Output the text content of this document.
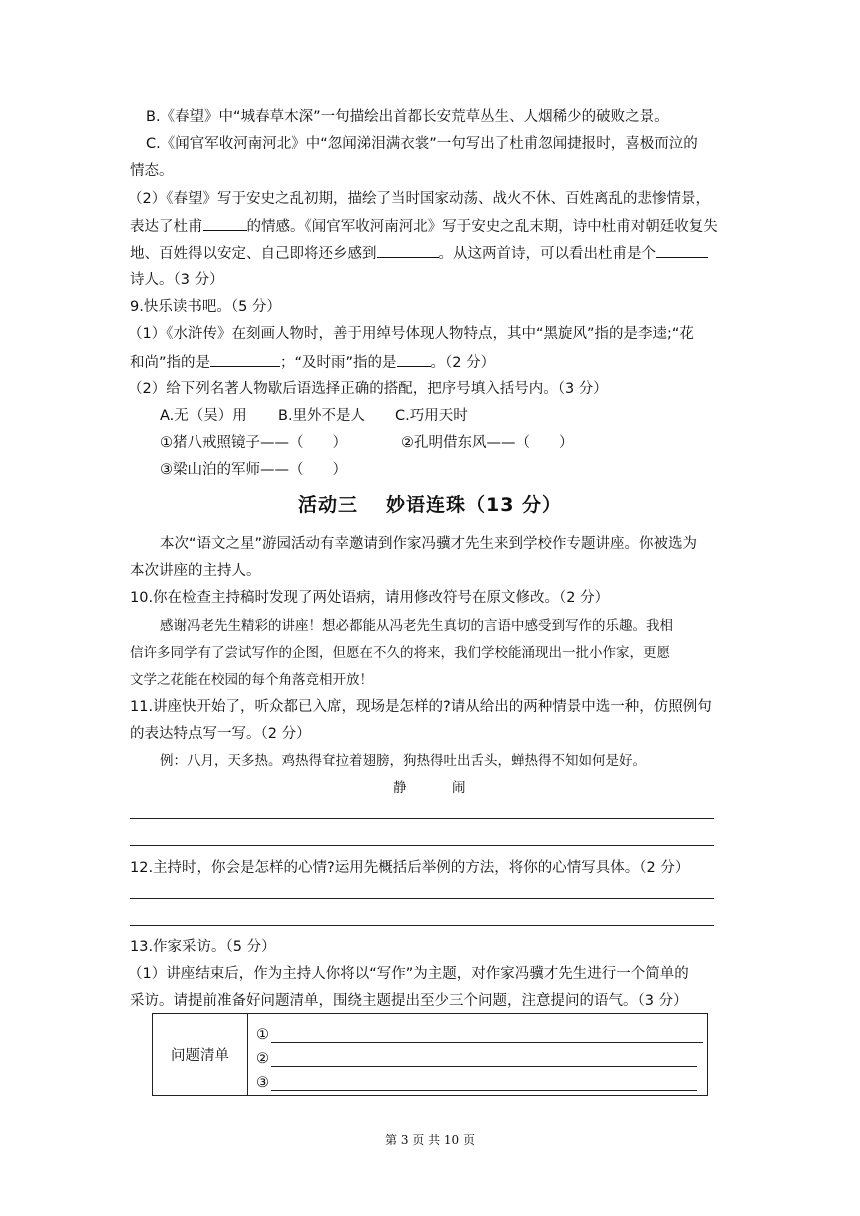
B.《春望》中“城春草木深”一句描绘出首都长安荒草丛生、人烟稀少的破败之景。
C.《闻官军收河南河北》中“忽闻涕泪满衣裳”一句写出了杜甫忽闻捷报时，喜极而泣的
情态。
（2）《春望》写于安史之乱初期，描绘了当时国家动荡、战火不休、百姓离乱的悲惨情景，
表达了杜甫	的情感。《闻官军收河南河北》写于安史之乱末期，诗中杜甫对朝廷收复失
地、百姓得以安定、自己即将还乡感到	。从这两首诗，可以看出杜甫是个
诗人。（3 分）
9.快乐读书吧。（5 分）
（1）《水浒传》在刻画人物时，善于用绰号体现人物特点，其中“黑旋风”指的是李逵;“花
和尚”指的是	；“及时雨”指的是 。（2 分）
（2）给下列名著人物歇后语选择正确的搭配，把序号填入括号内。（3 分）
A.无（吴）用 B.里外不是人 C.巧用天时
①猪八戒照镜子——（　　）	②孔明借东风——（　　）
③梁山泊的军师——（　　）
活动三 妙语连珠（13 分）
本次“语文之星”游园活动有幸邀请到作家冯骥才先生来到学校作专题讲座。你被选为
本次讲座的主持人。
10.你在检查主持稿时发现了两处语病，请用修改符号在原文修改。（2 分）
感谢冯老先生精彩的讲座！想必都能从冯老先生真切的言语中感受到写作的乐趣。我相
信许多同学有了尝试写作的企图，但愿在不久的将来，我们学校能涌现出一批小作家，更愿
文学之花能在校园的每个角落竞相开放！
11.讲座快开始了，听众都已入席，现场是怎样的?请从给出的两种情景中选一种，仿照例句
的表达特点写一写。（2 分）
例：八月，天多热。鸡热得耷拉着翅膀，狗热得吐出舌头，蝉热得不知如何是好。
静	闹
12.主持时，你会是怎样的心情?运用先概括后举例的方法，将你的心情写具体。（2 分）
13.作家采访。（5 分）
（1）讲座结束后，作为主持人你将以“写作”为主题，对作家冯骥才先生进行一个简单的
采访。请提前准备好问题清单，围绕主题提出至少三个问题，注意提问的语气。（3 分）
问题清单	
①
②
③
第 3 页 共 10 页
